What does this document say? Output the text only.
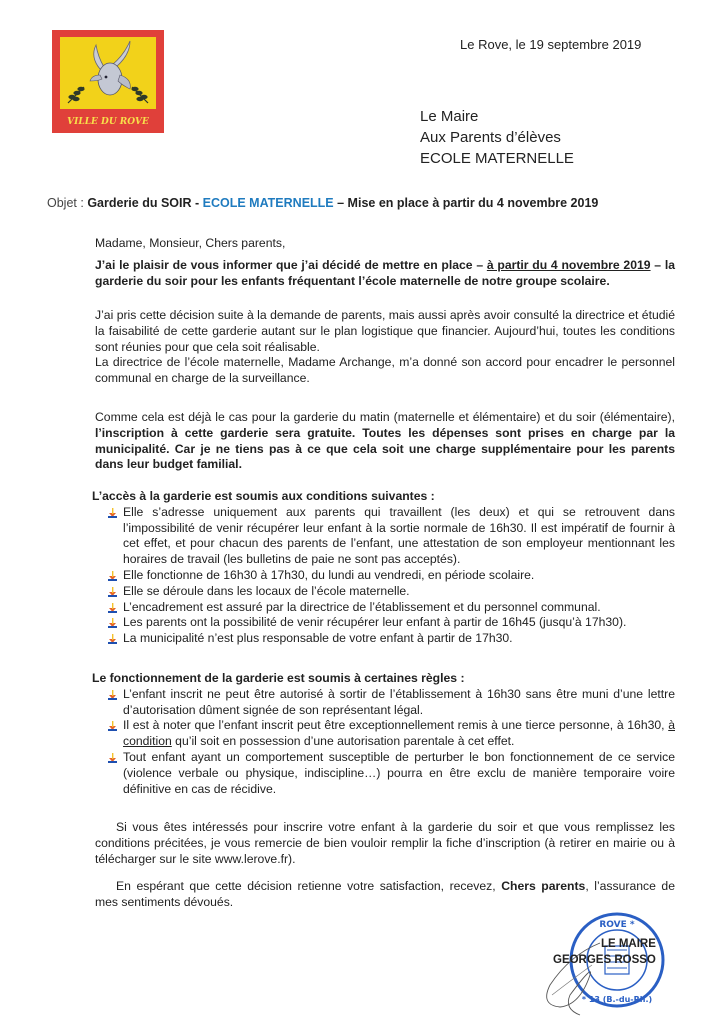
VILLE DU ROVE
Le Rove, le 19 septembre 2019
Le Maire
Aux Parents d’élèves
ECOLE MATERNELLE
Objet : Garderie du SOIR - ECOLE MATERNELLE – Mise en place à partir du 4 novembre 2019
Madame, Monsieur, Chers parents,
J’ai le plaisir de vous informer que j’ai décidé de mettre en place – à partir du 4 novembre 2019 – la garderie du soir pour les enfants fréquentant l’école maternelle de notre groupe scolaire.
J’ai pris cette décision suite à la demande de parents, mais aussi après avoir consulté la directrice et étudié la faisabilité de cette garderie autant sur le plan logistique que financier. Aujourd’hui, toutes les conditions sont réunies pour que cela soit réalisable.
La directrice de l’école maternelle, Madame Archange, m’a donné son accord pour encadrer le personnel communal en charge de la surveillance.
Comme cela est déjà le cas pour la garderie du matin (maternelle et élémentaire) et du soir (élémentaire), l’inscription à cette garderie sera gratuite. Toutes les dépenses sont prises en charge par la municipalité. Car je ne tiens pas à ce que cela soit une charge supplémentaire pour les parents dans leur budget familial.
L’accès à la garderie est soumis aux conditions suivantes :
Elle s’adresse uniquement aux parents qui travaillent (les deux) et qui se retrouvent dans l’impossibilité de venir récupérer leur enfant à la sortie normale de 16h30. Il est impératif de fournir à cet effet, et pour chacun des parents de l’enfant, une attestation de son employeur mentionnant les horaires de travail (les bulletins de paie ne sont pas acceptés).
Elle fonctionne de 16h30 à 17h30, du lundi au vendredi, en période scolaire.
Elle se déroule dans les locaux de l’école maternelle.
L’encadrement est assuré par la directrice de l’établissement et du personnel communal.
Les parents ont la possibilité de venir récupérer leur enfant à partir de 16h45 (jusqu’à 17h30).
La municipalité n’est plus responsable de votre enfant à partir de 17h30.
Le fonctionnement de la garderie est soumis à certaines règles :
L’enfant inscrit ne peut être autorisé à sortir de l’établissement à 16h30 sans être muni d’une lettre d’autorisation dûment signée de son représentant légal.
Il est à noter que l’enfant inscrit peut être exceptionnellement remis à une tierce personne, à 16h30, à condition qu’il soit en possession d’une autorisation parentale à cet effet.
Tout enfant ayant un comportement susceptible de perturber le bon fonctionnement de ce service (violence verbale ou physique, indiscipline…) pourra en être exclu de manière temporaire voire définitive en cas de récidive.
Si vous êtes intéressés pour inscrire votre enfant à la garderie du soir et que vous remplissez les conditions précitées, je vous remercie de bien vouloir remplir la fiche d’inscription (à retirer en mairie ou à télécharger sur le site www.lerove.fr).
En espérant que cette décision retienne votre satisfaction, recevez, Chers parents, l’assurance de mes sentiments dévoués.
ROVE *
* 13 (B.-du-Rh.)
LE MAIRE
GEORGES ROSSO
